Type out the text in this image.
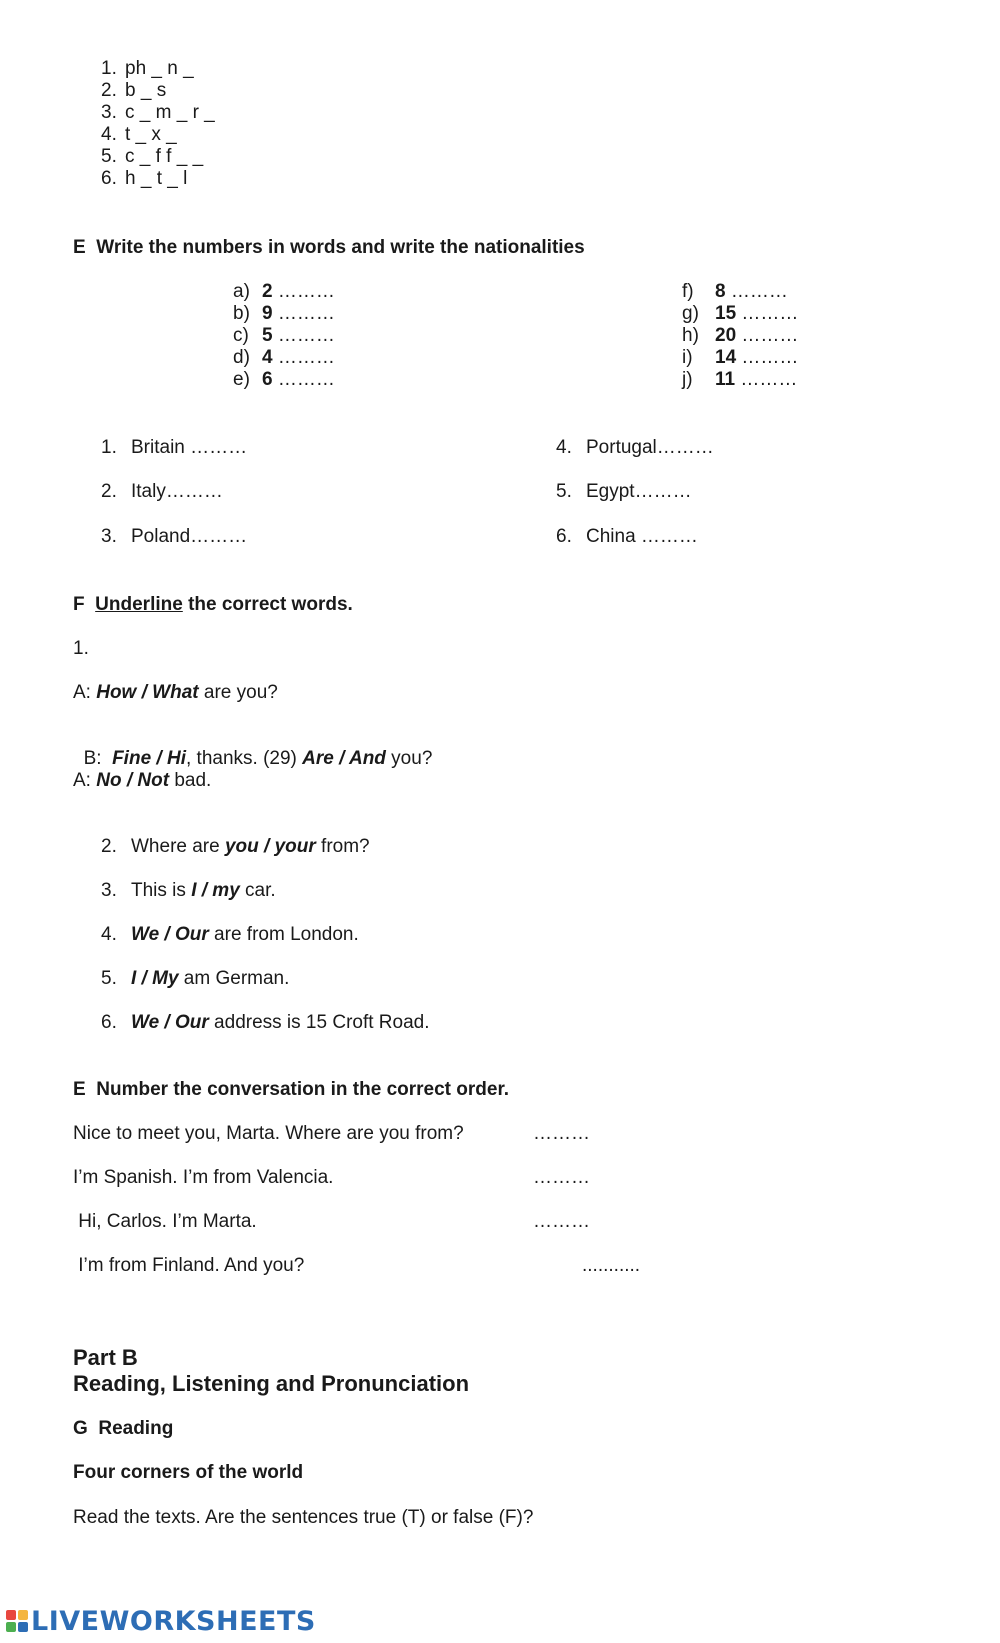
1. ph _ n _
2. b _ s
3. c _ m _ r _
4. t _ x _
5. c _ f f _ _
6. h _ t _ l
E Write the numbers in words and write the nationalities
a) 2 ………
b) 9 ………
c) 5 ………
d) 4 ………
e) 6 ………
f) 8 ………
g) 15 ………
h) 20 ………
i) 14 ………
j) 11 ………
1. Britain ………
2. Italy………
3. Poland………
4. Portugal………
5. Egypt………
6. China ………
F Underline the correct words.
1.
A: How / What are you?

B:  Fine / Hi, thanks. (29) Are / And you?

A: No / Not bad.
2. Where are you / your from?
3. This is I / my car.
4. We / Our are from London.
5. I / My am German.
6. We / Our address is 15 Croft Road.
E Number the conversation in the correct order.
Nice to meet you, Marta. Where are you from?	………
I’m Spanish. I’m from Valencia.	………
Hi, Carlos. I’m Marta.	………
I’m from Finland. And you?	...........
Part B
Reading, Listening and Pronunciation
G Reading
Four corners of the world
Read the texts. Are the sentences true (T) or false (F)?
LIVEWORKSHEETS
